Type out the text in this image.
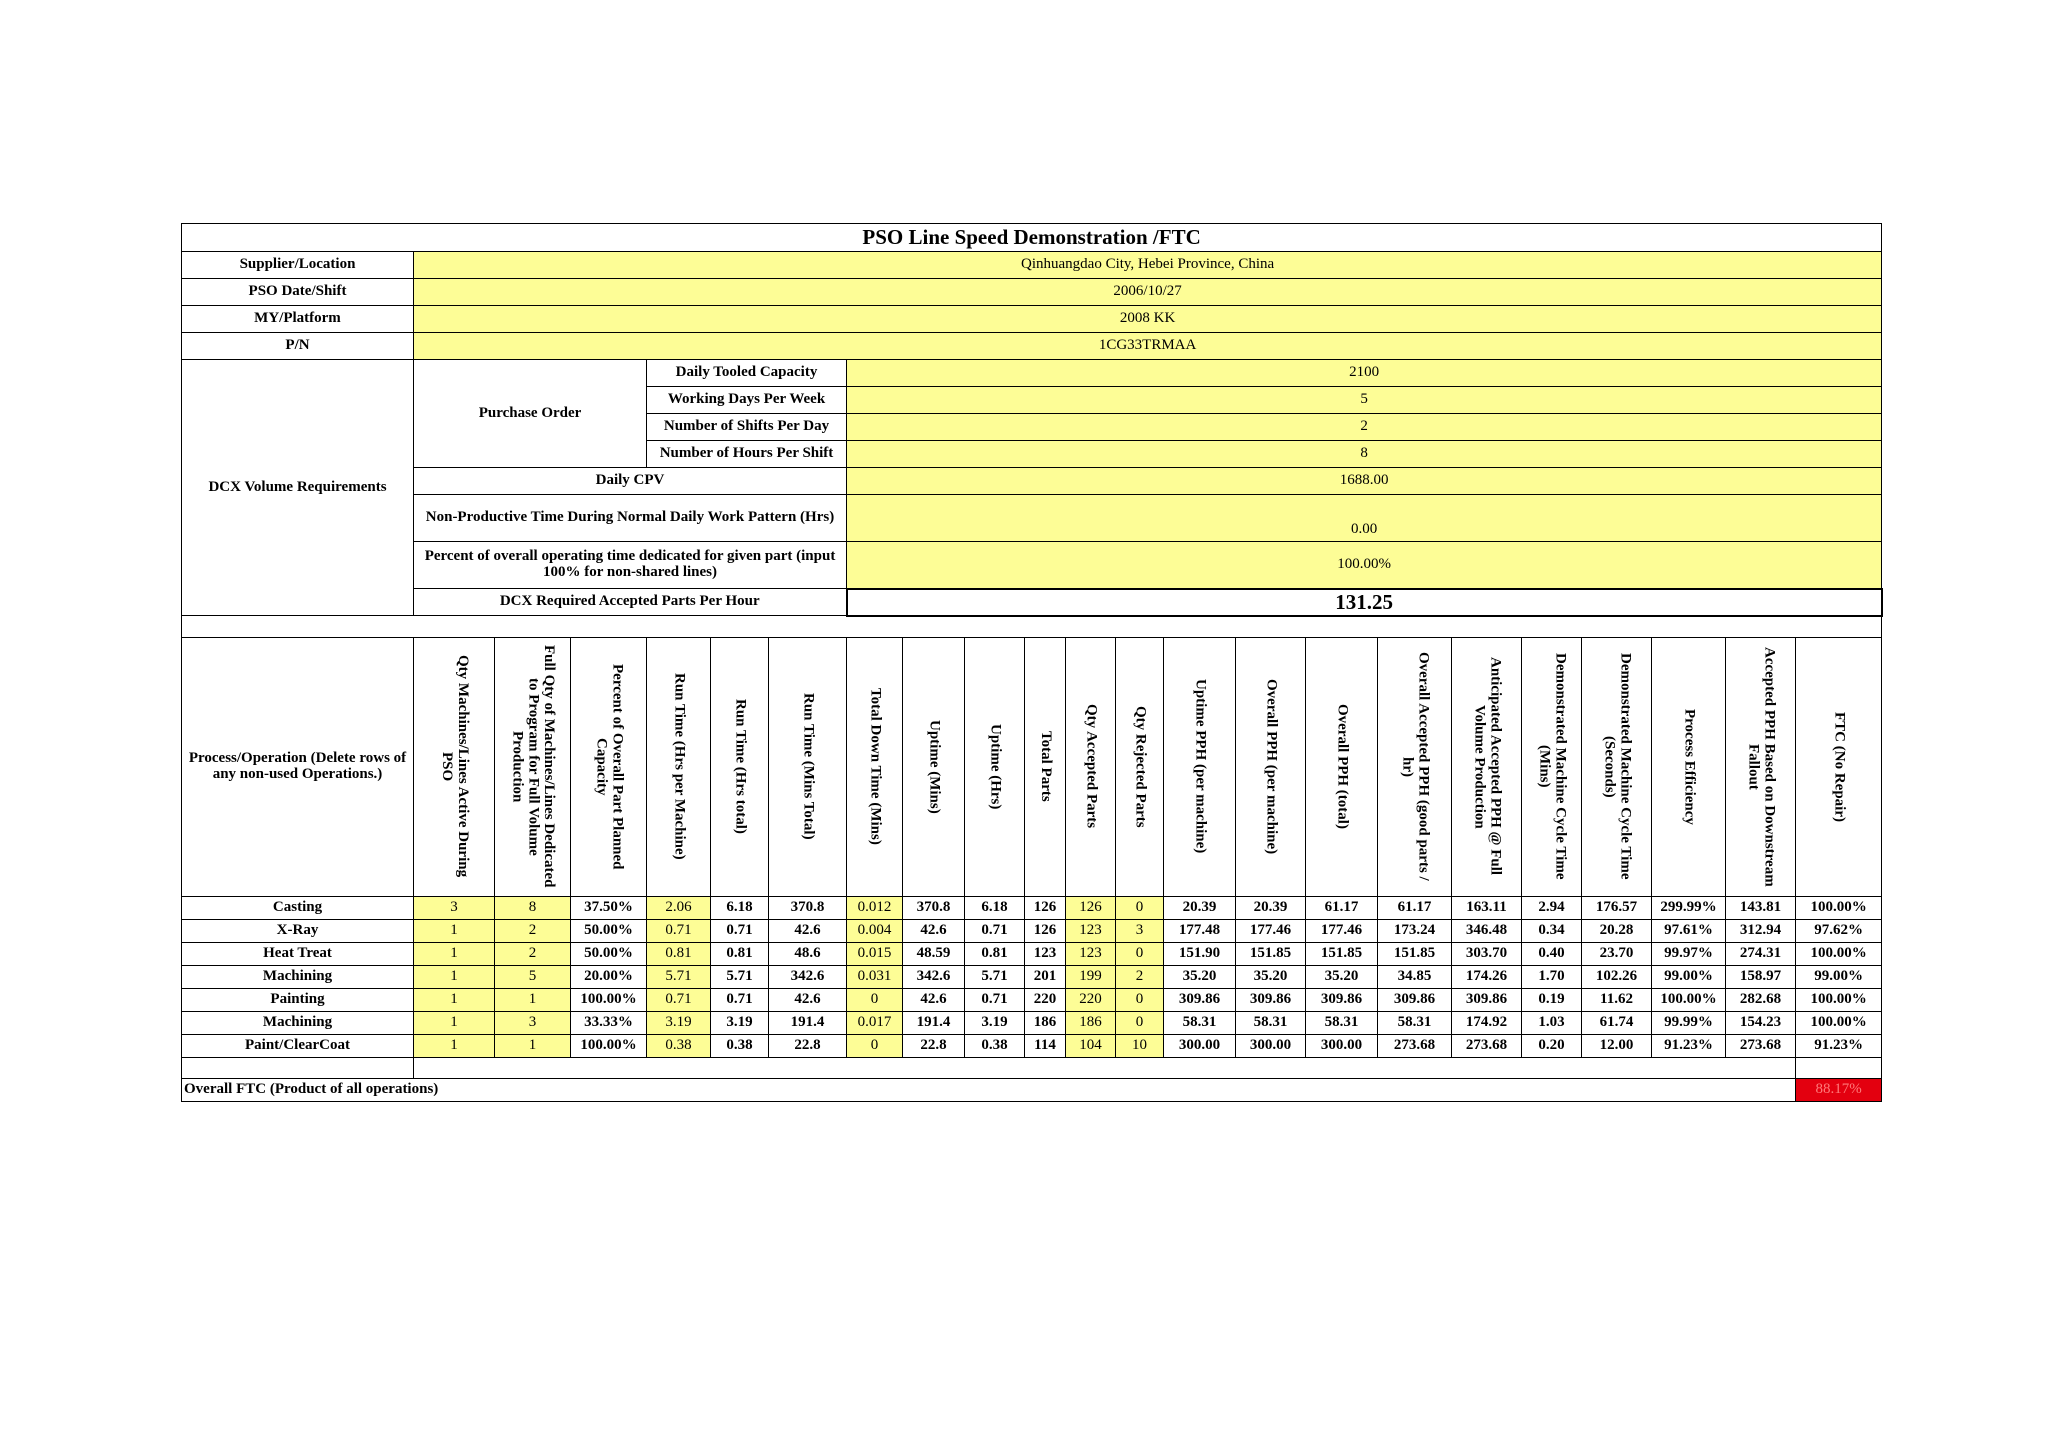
PSO Line Speed Demonstration /FTC																						
Supplier/Location	Qinhuangdao City, Hebei Province, China																					
PSO Date/Shift	2006/10/27																					
MY/Platform	2008 KK																					
P/N	1CG33TRMAA																					
DCX Volume Requirements	Purchase Order			Daily Tooled Capacity			2100															
				Working Days Per Week			5															
				Number of Shifts Per Day			2															
				Number of Hours Per Shift			8															
	Daily CPV						1688.00															
	Non-Productive Time During Normal Daily Work Pattern (Hrs)						0.00															
	Percent of overall operating time dedicated for given part (input 100% for non-shared lines)						100.00%															
	DCX Required Accepted Parts Per Hour						131.25															

Process/Operation (Delete rows of any non-used Operations.)	Qty Machines/Lines Active During PSO	Full Qty of Machines/Lines Dedicated to Program for Full Volume Production	Percent of Overall Part Planned Capacity	Run Time (Hrs per Machine)	Run Time (Hrs total)	Run Time (Mins Total)	Total Down Time (Mins)	Uptime (Mins)	Uptime (Hrs)	Total Parts	Qty Accepted Parts	Qty Rejected Parts	Uptime PPH (per machine)	Overall PPH (per machine)	Overall PPH (total)	Overall Accepted PPH (good parts / hr)	Anticipated Accepted PPH @ Full Volume Production	Demonstrated Machine Cycle Time (Mins)	Demonstrated Machine Cycle Time (Seconds)	Process Efficiency	Accepted PPH Based on Downstream Fallout	FTC (No Repair)

Casting	3	8	37.50%	2.06	6.18	370.8	0.012	370.8	6.18	126	126	0	20.39	20.39	61.17	61.17	163.11	2.94	176.57	299.99%	143.81	100.00%
X-Ray	1	2	50.00%	0.71	0.71	42.6	0.004	42.6	0.71	126	123	3	177.48	177.46	177.46	173.24	346.48	0.34	20.28	97.61%	312.94	97.62%
Heat Treat	1	2	50.00%	0.81	0.81	48.6	0.015	48.59	0.81	123	123	0	151.90	151.85	151.85	151.85	303.70	0.40	23.70	99.97%	274.31	100.00%
Machining	1	5	20.00%	5.71	5.71	342.6	0.031	342.6	5.71	201	199	2	35.20	35.20	35.20	34.85	174.26	1.70	102.26	99.00%	158.97	99.00%
Painting	1	1	100.00%	0.71	0.71	42.6	0	42.6	0.71	220	220	0	309.86	309.86	309.86	309.86	309.86	0.19	11.62	100.00%	282.68	100.00%
Machining	1	3	33.33%	3.19	3.19	191.4	0.017	191.4	3.19	186	186	0	58.31	58.31	58.31	58.31	174.92	1.03	61.74	99.99%	154.23	100.00%
Paint/ClearCoat	1	1	100.00%	0.38	0.38	22.8	0	22.8	0.38	114	104	10	300.00	300.00	300.00	273.68	273.68	0.20	12.00	91.23%	273.68	91.23%

Overall FTC (Product of all operations)																						88.17%
